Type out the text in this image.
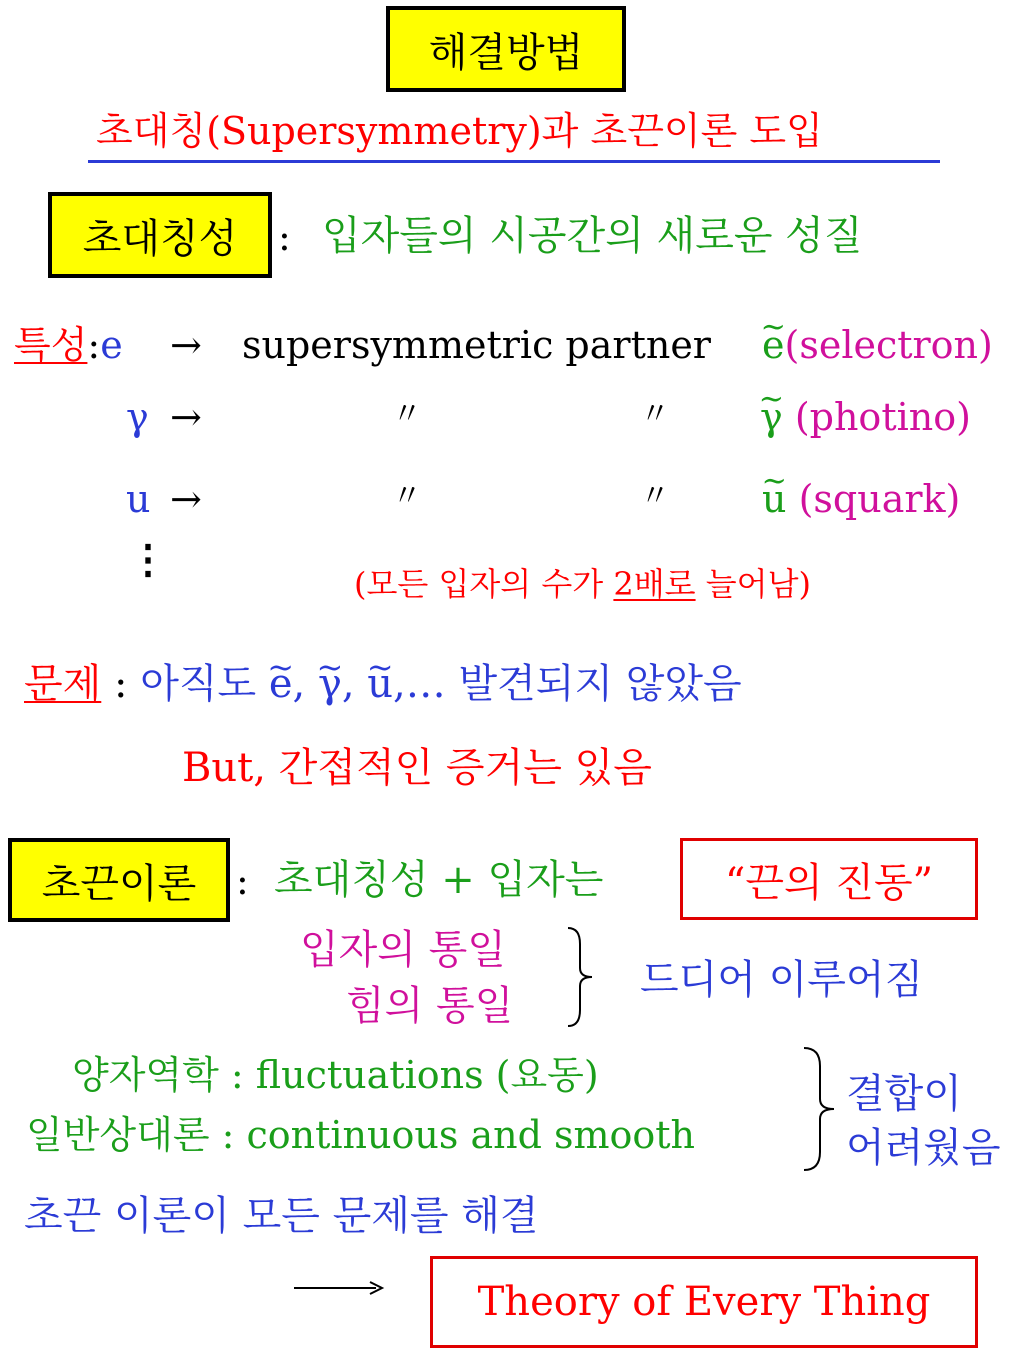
해결방법
초대칭(Supersymmetry)과 초끈이론 도입
초대칭성 : 입자들의 시공간의 새로운 성질
특성:e → supersymmetric partner ~ e(selectron)
γ →	〃	〃 ~ γ (photino)
u →	〃	〃 ~ u (squark)
⋮
(모든 입자의 수가 2배로 늘어남)
문제 : 아직도 ~ e, ~ γ, ~ u,… 발견되지 않았음
But, 간접적인 증거는 있음
초끈이론 : 초대칭성 + 입자는	“끈의 진동”
입자의 통일
힘의 통일
드디어 이루어짐
양자역학 : fluctuations (요동)
일반상대론 : continuous and smooth
결합이
어려웠음
초끈 이론이 모든 문제를 해결
Theory of Every Thing
